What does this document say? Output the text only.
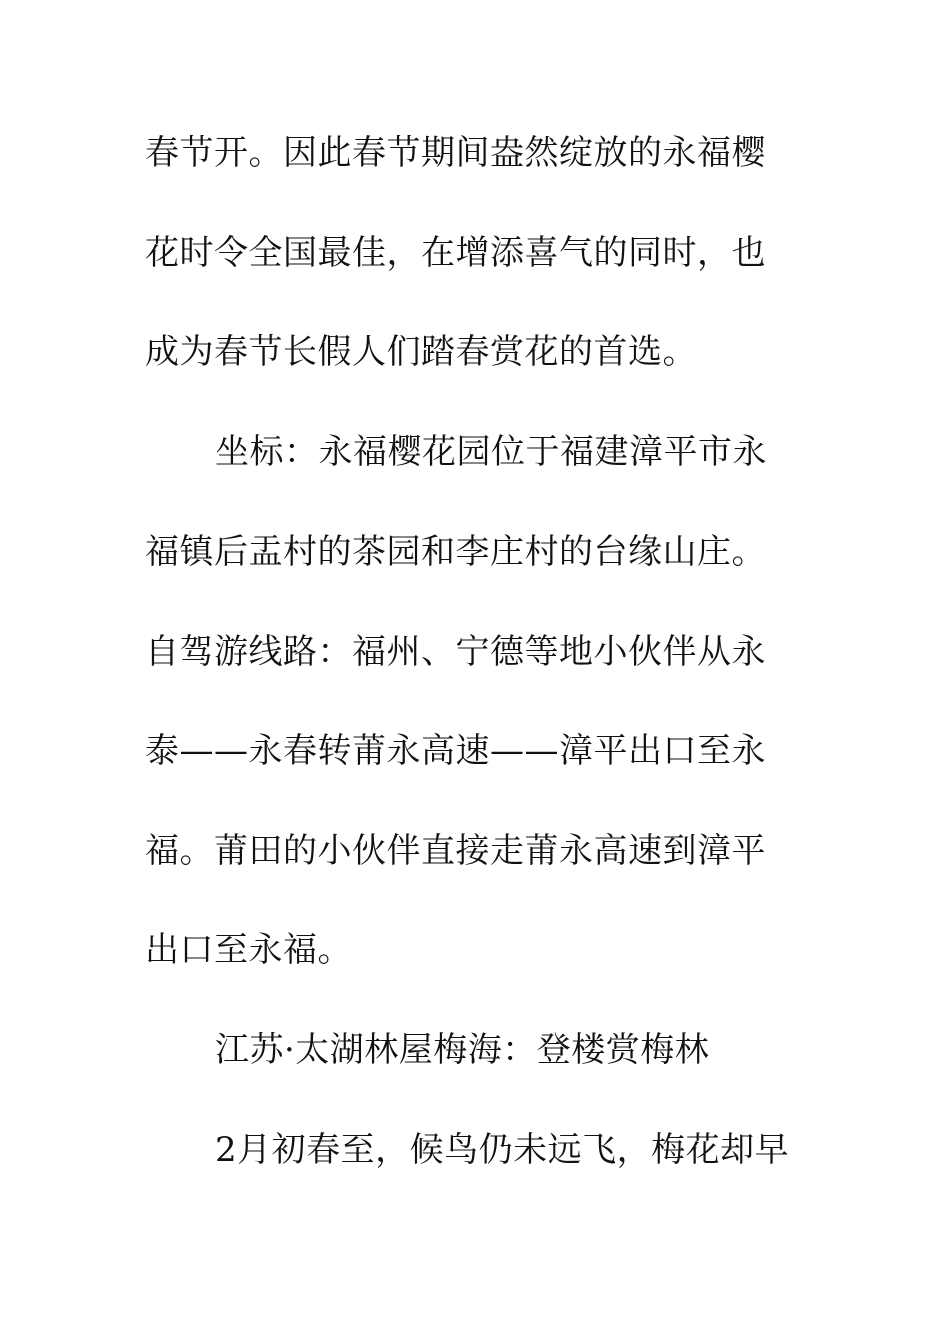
春节开。因此春节期间盎然绽放的永福樱
花时令全国最佳，在增添喜气的同时，也
成为春节长假人们踏春赏花的首选。
坐标：永福樱花园位于福建漳平市永
福镇后盂村的茶园和李庄村的台缘山庄。
自驾游线路：福州、宁德等地小伙伴从永
泰——永春转莆永高速——漳平出口至永
福。莆田的小伙伴直接走莆永高速到漳平
出口至永福。
江苏·太湖林屋梅海：登楼赏梅林
2月初春至，候鸟仍未远飞，梅花却早
